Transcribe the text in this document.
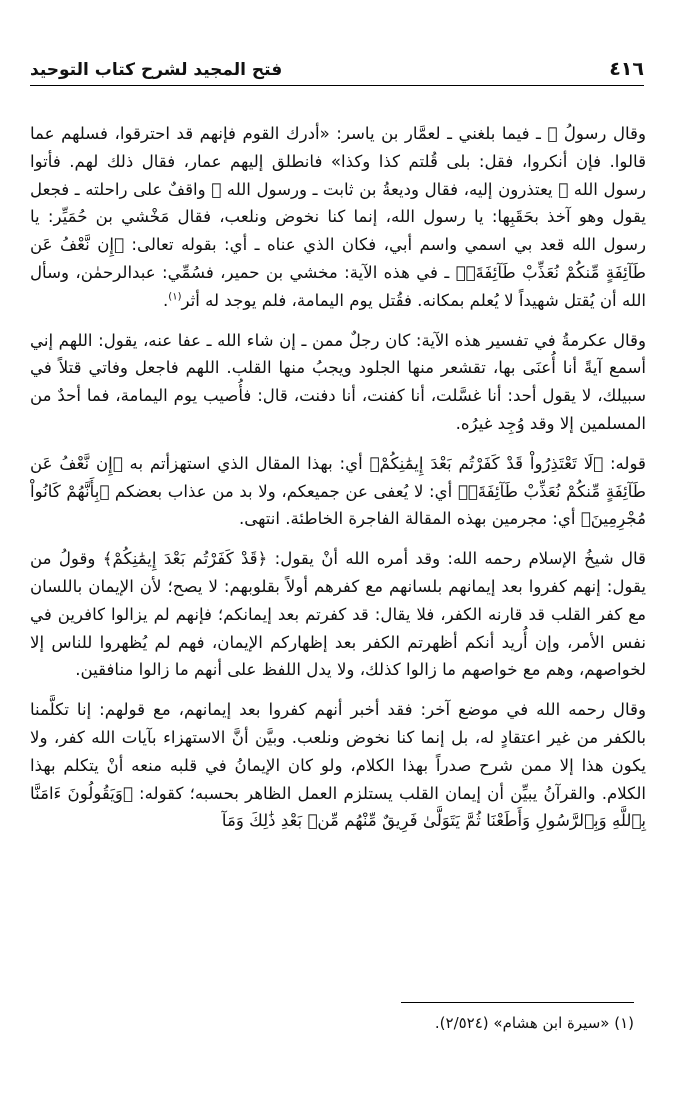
٤١٦
فتح المجيد لشرح كتاب التوحيد

وقال رسولُ ﷺ ـ فيما بلغني ـ لعمَّار بن ياسر: «أدرك القوم فإنهم قد احترقوا، فسلهم عما قالوا. فإن أنكروا، فقل: بلى قُلتم كذا وكذا» فانطلق إليهم عمار، فقال ذلك لهم. فأتوا رسول الله ﷺ يعتذرون إليه، فقال وديعةُ بن ثابت ـ ورسول الله ﷺ واقفٌ على راحلته ـ فجعل يقول وهو آخذ بحَقَبِها: يا رسول الله، إنما كنا نخوض ونلعب، فقال مَخْشي بن حُمَيِّر: يا رسول الله قعد بي اسمي واسم أبي، فكان الذي عناه ـ أي: بقوله تعالى: ﴿إِن نَّعْفُ عَن طَآئِفَةٍ مِّنكُمْ نُعَذِّبْ طَآئِفَةَۢ﴾ ـ في هذه الآية: مخشي بن حمير، فسُمِّي: عبدالرحمٰن، وسأل الله أن يُقتل شهيداً لا يُعلم بمكانه. فقُتل يوم اليمامة، فلم يوجد له أثر$^{(١)}$.

وقال عكرمةُ في تفسير هذه الآية: كان رجلٌ ممن ـ إن شاء الله ـ عفا عنه، يقول: اللهم إني أسمع آيةً أنا أُعنَى بها، تقشعر منها الجلود ويجبُ منها القلب. اللهم فاجعل وفاتي قتلاً في سبيلك، لا يقول أحد: أنا غسَّلت، أنا كفنت، أنا دفنت، قال: فأُصيب يوم اليمامة، فما أحدٌ من المسلمين إلا وقد وُجِد غيرُه.

قوله: ﴿لَا تَعْتَذِرُواْ قَدْ كَفَرْتُم بَعْدَ إِيمَٰنِكُمْ﴾ أي: بهذا المقال الذي استهزأتم به ﴿إِن نَّعْفُ عَن طَآئِفَةٍ مِّنكُمْ نُعَذِّبْ طَآئِفَةَۢ﴾ أي: لا يُعفى عن جميعكم، ولا بد من عذاب بعضكم ﴿بِأَنَّهُمْ كَانُواْ مُجْرِمِينَ﴾ أي: مجرمين بهذه المقالة الفاجرة الخاطئة. انتهى.

قال شيخُ الإسلام رحمه الله: وقد أمره الله أنْ يقول: ﴿قَدْ كَفَرْتُم بَعْدَ إِيمَٰنِكُمْ﴾ وقولُ من يقول: إنهم كفروا بعد إيمانهم بلسانهم مع كفرهم أولاً بقلوبهم: لا يصح؛ لأن الإيمان باللسان مع كفر القلب قد قارنه الكفر، فلا يقال: قد كفرتم بعد إيمانكم؛ فإنهم لم يزالوا كافرين في نفس الأمر، وإن أُريد أنكم أظهرتم الكفر بعد إظهاركم الإيمان، فهم لم يُظهروا للناس إلا لخواصهم، وهم مع خواصهم ما زالوا كذلك، ولا يدل اللفظ على أنهم ما زالوا منافقين.

وقال رحمه الله في موضع آخر: فقد أخبر أنهم كفروا بعد إيمانهم، مع قولهم: إنا تكلَّمنا بالكفر من غير اعتقادٍ له، بل إنما كنا نخوض ونلعب. وبيَّن أنَّ الاستهزاء بآيات الله كفر، ولا يكون هذا إلا ممن شرح صدراً بهذا الكلام، ولو كان الإيمانُ في قلبه منعه أنْ يتكلم بهذا الكلام. والقرآنُ يبيِّن أن إيمان القلب يستلزم العمل الظاهر بحسبه؛ كقوله: ﴿وَيَقُولُونَ ءَامَنَّا بِٱللَّهِ وَبِٱلرَّسُولِ وَأَطَعْنَا ثُمَّ يَتَوَلَّىٰ فَرِيقٌ مِّنْهُم مِّنۢ بَعْدِ ذَٰلِكَ وَمَآ

(١) «سيرة ابن هشام» (٢/٥٢٤).
